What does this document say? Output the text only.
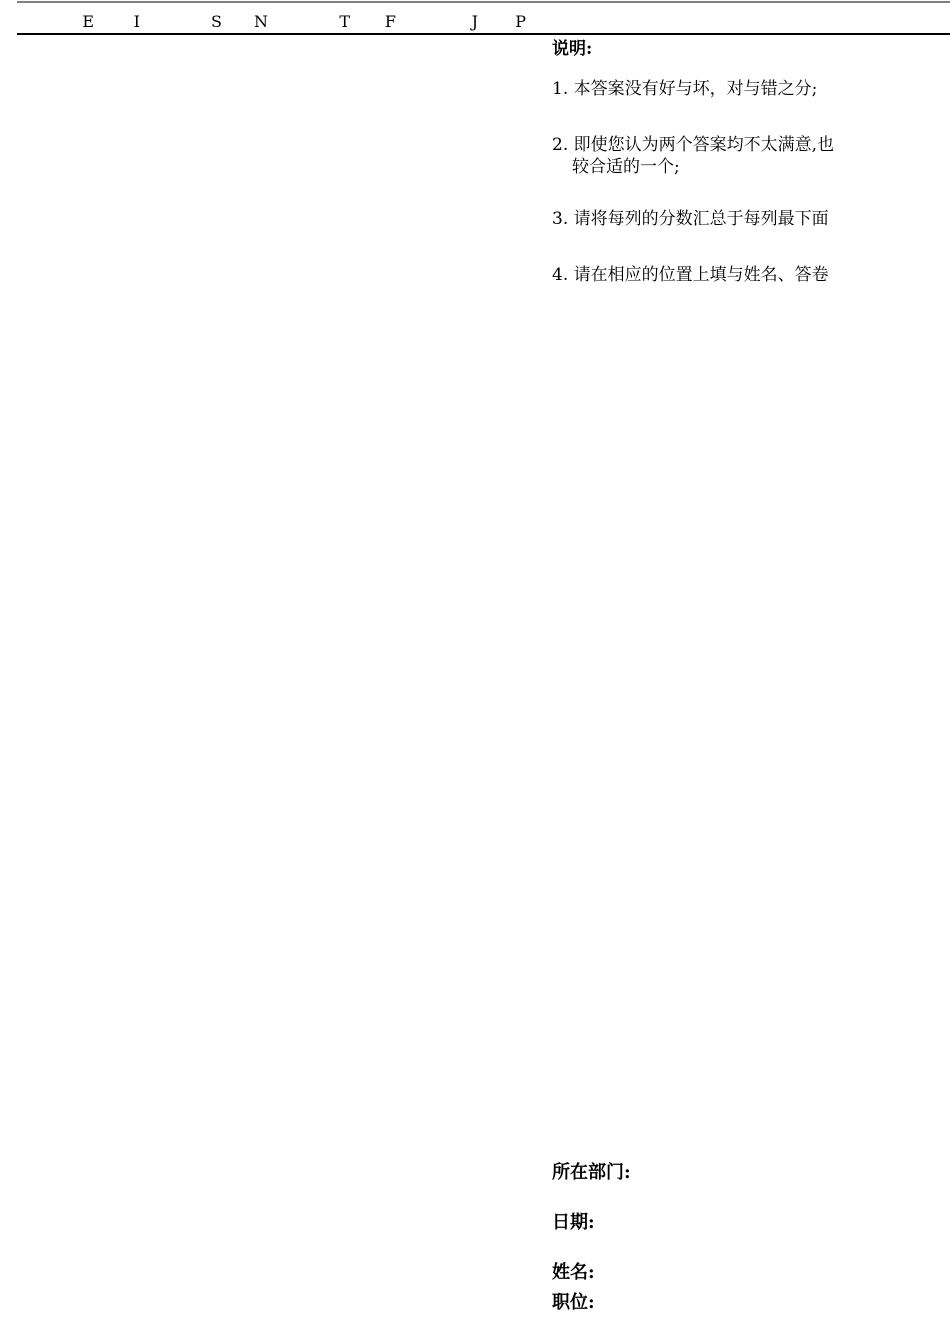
E I	S N	T F	J P
说明:
1. 本答案没有好与坏，对与错之分;
2. 即使您认为两个答案均不太满意,也
较合适的一个;
3. 请将每列的分数汇总于每列最下面
4. 请在相应的位置上填与姓名、答卷
所在部门:
日期:
姓名:
职位:
